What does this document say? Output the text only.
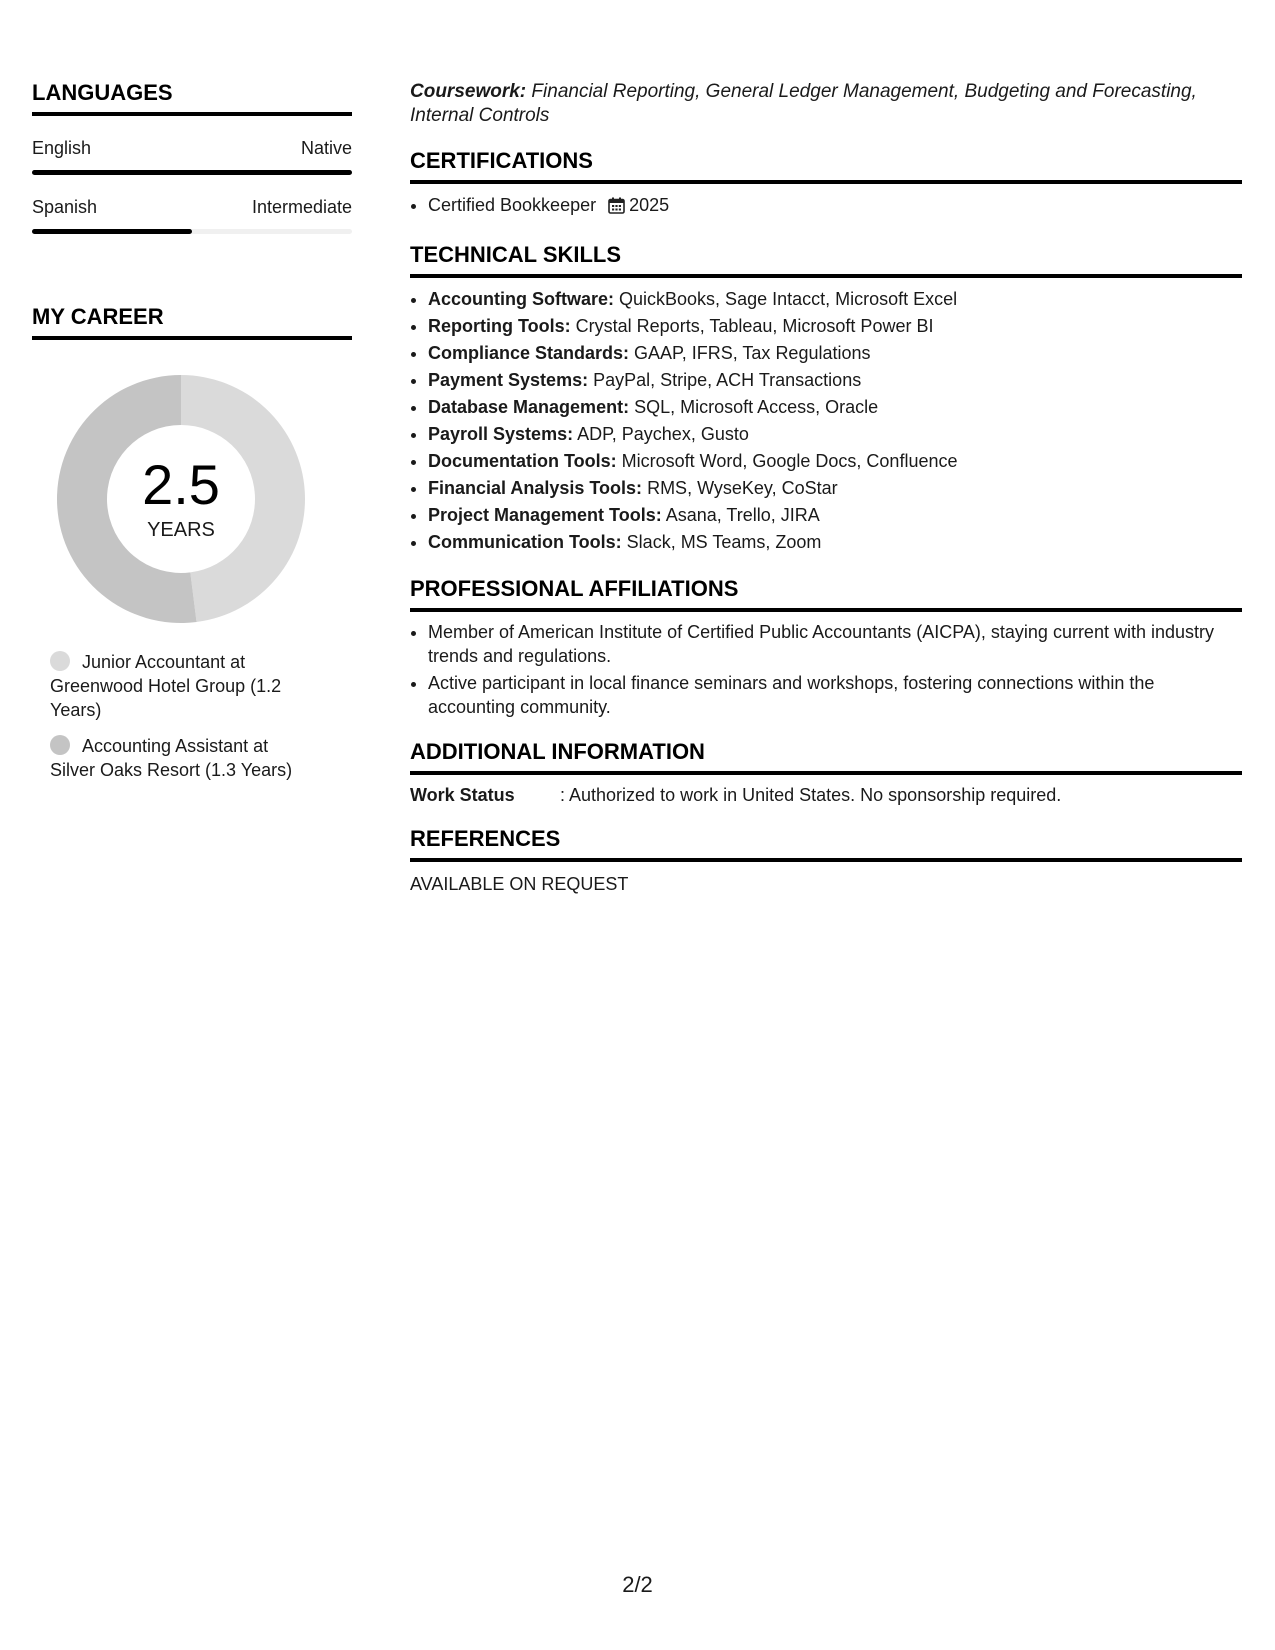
LANGUAGES
English	Native
Spanish	Intermediate
MY CAREER
2.5
YEARS
Junior Accountant at Greenwood Hotel Group (1.2 Years)
Accounting Assistant at Silver Oaks Resort (1.3 Years)

Coursework: Financial Reporting, General Ledger Management, Budgeting and Forecasting, Internal Controls

CERTIFICATIONS
• Certified Bookkeeper 2025
TECHNICAL SKILLS
• Accounting Software: QuickBooks, Sage Intacct, Microsoft Excel
• Reporting Tools: Crystal Reports, Tableau, Microsoft Power BI
• Compliance Standards: GAAP, IFRS, Tax Regulations
• Payment Systems: PayPal, Stripe, ACH Transactions
• Database Management: SQL, Microsoft Access, Oracle
• Payroll Systems: ADP, Paychex, Gusto
• Documentation Tools: Microsoft Word, Google Docs, Confluence
• Financial Analysis Tools: RMS, WyseKey, CoStar
• Project Management Tools: Asana, Trello, JIRA
• Communication Tools: Slack, MS Teams, Zoom
PROFESSIONAL AFFILIATIONS
• Member of American Institute of Certified Public Accountants (AICPA), staying current with industry trends and regulations.
• Active participant in local finance seminars and workshops, fostering connections within the accounting community.
ADDITIONAL INFORMATION
Work Status	: Authorized to work in United States. No sponsorship required.
REFERENCES
AVAILABLE ON REQUEST
2/2
